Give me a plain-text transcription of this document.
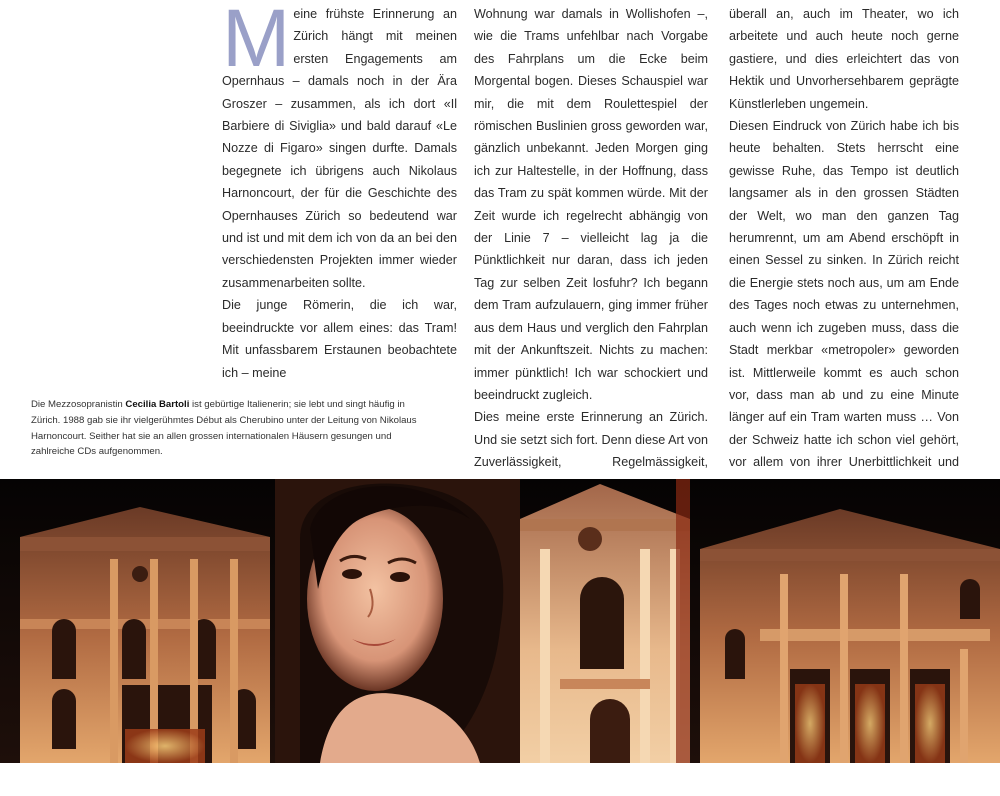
Meine frühste Erinnerung an Zürich hängt mit meinen ersten Engagements am Opernhaus – damals noch in der Ära Groszer – zusammen, als ich dort «Il Barbiere di Siviglia» und bald darauf «Le Nozze di Figaro» singen durfte. Damals begegnete ich übrigens auch Nikolaus Harnoncourt, der für die Geschichte des Opernhauses Zürich so bedeutend war und ist und mit dem ich von da an bei den verschiedensten Projekten immer wieder zusammenarbeiten sollte.

Die junge Römerin, die ich war, beeindruckte vor allem eines: das Tram! Mit unfassbarem Erstaunen beobachtete ich – meine

Wohnung war damals in Wollishofen –, wie die Trams unfehlbar nach Vorgabe des Fahrplans um die Ecke beim Morgental bogen. Dieses Schauspiel war mir, die mit dem Roulettespiel der römischen Buslinien gross geworden war, gänzlich unbekannt. Jeden Morgen ging ich zur Haltestelle, in der Hoffnung, dass das Tram zu spät kommen würde. Mit der Zeit wurde ich regelrecht abhängig von der Linie 7 – vielleicht lag ja die Pünktlichkeit nur daran, dass ich jeden Tag zur selben Zeit losfuhr? Ich begann dem Tram aufzulauern, ging immer früher aus dem Haus und verglich den Fahrplan mit der Ankunftszeit. Nichts zu machen: immer pünktlich! Ich war schockiert und beeindruckt zugleich.

Dies meine erste Erinnerung an Zürich. Und sie setzt sich fort. Denn diese Art von Zuverlässigkeit, Regelmässigkeit,

überall an, auch im Theater, wo ich arbeitete und auch heute noch gerne gastiere, und dies erleichtert das von Hektik und Unvorhersehbarem geprägte Künstlerleben ungemein.

Diesen Eindruck von Zürich habe ich bis heute behalten. Stets herrscht eine gewisse Ruhe, das Tempo ist deutlich langsamer als in den grossen Städten der Welt, wo man den ganzen Tag herumrennt, um am Abend erschöpft in einen Sessel zu sinken. In Zürich reicht die Energie stets noch aus, um am Ende des Tages noch etwas zu unternehmen, auch wenn ich zugeben muss, dass die Stadt merkbar «metropoler» geworden ist. Mittlerweile kommt es auch schon vor, dass man ab und zu eine Minute länger auf ein Tram warten muss … Von der Schweiz hatte ich schon viel gehört, vor allem von ihrer Unerbittlichkeit und

Die Mezzosopranistin Cecilia Bartoli ist gebürtige Italienerin; sie lebt und singt häufig in Zürich. 1988 gab sie ihr vielgerühmtes Début als Cherubino unter der Leitung von Nikolaus Harnoncourt. Seither hat sie an allen grossen internationalen Häusern gesungen und zahlreiche CDs aufgenommen.
